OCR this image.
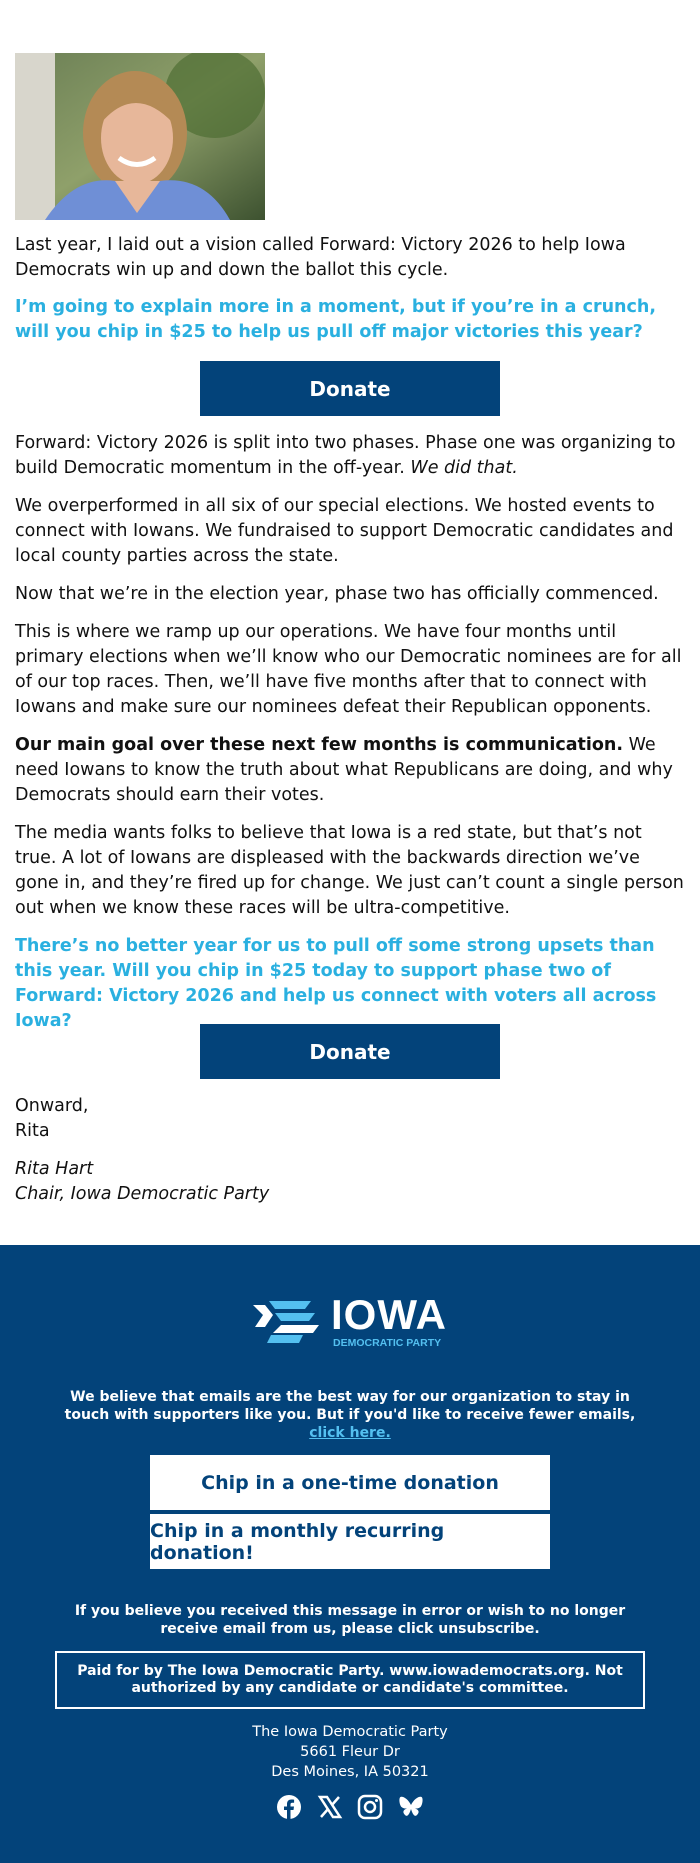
Last year, I laid out a vision called Forward: Victory 2026 to help Iowa Democrats win up and down the ballot this cycle.

I’m going to explain more in a moment, but if you’re in a crunch, will you chip in $25 to help us pull off major victories this year?

Donate

Forward: Victory 2026 is split into two phases. Phase one was organizing to build Democratic momentum in the off-year. We did that.

We overperformed in all six of our special elections. We hosted events to connect with Iowans. We fundraised to support Democratic candidates and local county parties across the state.

Now that we’re in the election year, phase two has officially commenced.

This is where we ramp up our operations. We have four months until primary elections when we’ll know who our Democratic nominees are for all of our top races. Then, we’ll have five months after that to connect with Iowans and make sure our nominees defeat their Republican opponents.

Our main goal over these next few months is communication. We need Iowans to know the truth about what Republicans are doing, and why Democrats should earn their votes.

The media wants folks to believe that Iowa is a red state, but that’s not true. A lot of Iowans are displeased with the backwards direction we’ve gone in, and they’re fired up for change. We just can’t count a single person out when we know these races will be ultra-competitive.

There’s no better year for us to pull off some strong upsets than this year. Will you chip in $25 today to support phase two of Forward: Victory 2026 and help us connect with voters all across Iowa?

Donate
Onward,
Rita
Rita Hart
Chair, Iowa Democratic Party
IOWA
DEMOCRATIC PARTY
We believe that emails are the best way for our organization to stay in touch with supporters like you. But if you'd like to receive fewer emails,
click here.
Chip in a one-time donation
Chip in a monthly recurring donation!
If you believe you received this message in error or wish to no longer receive email from us, please click unsubscribe.
Paid for by The Iowa Democratic Party. www.iowademocrats.org. Not authorized by any candidate or candidate's committee.
The Iowa Democratic Party
5661 Fleur Dr
Des Moines, IA 50321
